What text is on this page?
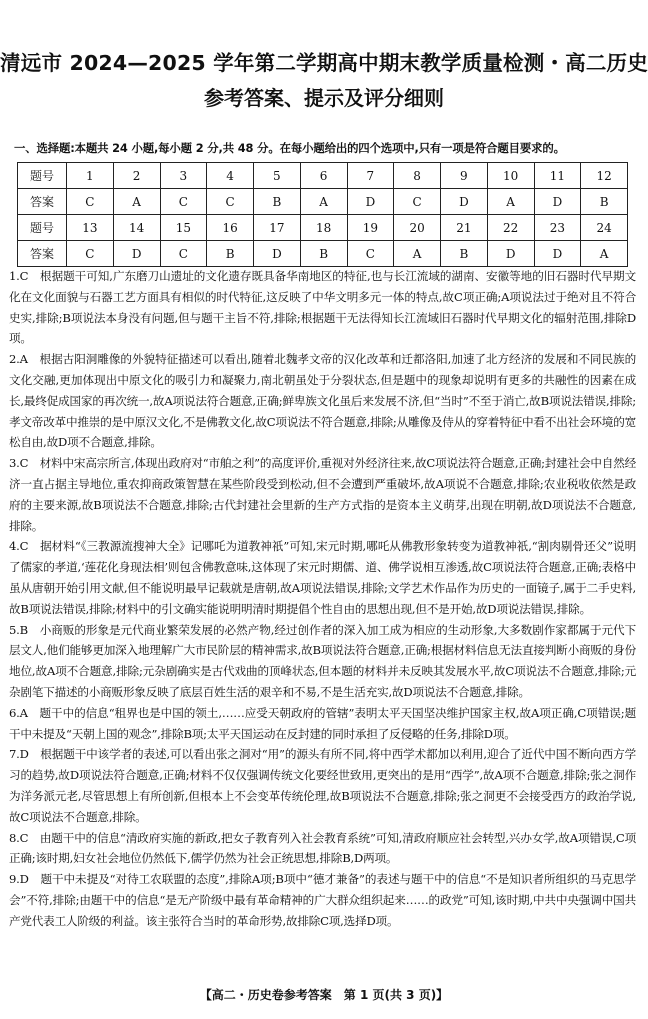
清远市 2024—2025 学年第二学期高中期末教学质量检测・高二历史
参考答案、提示及评分细则
一、选择题:本题共 24 小题,每小题 2 分,共 48 分。在每小题给出的四个选项中,只有一项是符合题目要求的。
题号	1	2	3	4	5	6	7	8	9	10	11	12
答案	C	A	C	C	B	A	D	C	D	A	D	B
题号	13	14	15	16	17	18	19	20	21	22	23	24
答案	C	D	C	B	D	B	C	A	B	D	D	A

1.C　根据题干可知,广东磨刀山遗址的文化遗存既具备华南地区的特征,也与长江流域的湖南、安徽等地的旧石器时代早期文化在文化面貌与石器工艺方面具有相似的时代特征,这反映了中华文明多元一体的特点,故C项正确;A项说法过于绝对且不符合史实,排除;B项说法本身没有问题,但与题干主旨不符,排除;根据题干无法得知长江流域旧石器时代早期文化的辐射范围,排除D项。

2.A　根据古阳洞雕像的外貌特征描述可以看出,随着北魏孝文帝的汉化改革和迁都洛阳,加速了北方经济的发展和不同民族的文化交融,更加体现出中原文化的吸引力和凝聚力,南北朝虽处于分裂状态,但是题中的现象却说明有更多的共融性的因素在成长,最终促成国家的再次统一,故A项说法符合题意,正确;鲜卑族文化虽后来发展不济,但“当时”不至于消亡,故B项说法错误,排除;孝文帝改革中推崇的是中原汉文化,不是佛教文化,故C项说法不符合题意,排除;从雕像及侍从的穿着特征中看不出社会环境的宽松自由,故D项不合题意,排除。

3.C　材料中宋高宗所言,体现出政府对“市舶之利”的高度评价,重视对外经济往来,故C项说法符合题意,正确;封建社会中自然经济一直占据主导地位,重农抑商政策智慧在某些阶段受到松动,但不会遭到严重破坏,故A项说不合题意,排除;农业税收依然是政府的主要来源,故B项说法不合题意,排除;古代封建社会里新的生产方式指的是资本主义萌芽,出现在明朝,故D项说法不合题意,排除。

4.C　据材料“《三教源流搜神大全》记哪吒为道教神祇”可知,宋元时期,哪吒从佛教形象转变为道教神祇,“割肉剔骨还父”说明了儒家的孝道,‘莲花化身现法相’则包含佛教意味,这体现了宋元时期儒、道、佛学说相互渗透,故C项说法符合题意,正确;表格中虽从唐朝开始引用文献,但不能说明最早记载就是唐朝,故A项说法错误,排除;文学艺术作品作为历史的一面镜子,属于二手史料,故B项说法错误,排除;材料中的引文确实能说明明清时期提倡个性自由的思想出现,但不是开始,故D项说法错误,排除。

5.B　小商贩的形象是元代商业繁荣发展的必然产物,经过创作者的深入加工成为相应的生动形象,大多数剧作家都属于元代下层文人,他们能够更加深入地理解广大市民阶层的精神需求,故B项说法符合题意,正确;根据材料信息无法直接判断小商贩的身份地位,故A项不合题意,排除;元杂剧确实是古代戏曲的顶峰状态,但本题的材料并未反映其发展水平,故C项说法不合题意,排除;元杂剧笔下描述的小商贩形象反映了底层百姓生活的艰辛和不易,不是生活充实,故D项说法不合题意,排除。

6.A　题干中的信息“租界也是中国的领土,……应受天朝政府的管辖”表明太平天国坚决维护国家主权,故A项正确,C项错误;题干中未提及“天朝上国的观念”,排除B项;太平天国运动在反封建的同时承担了反侵略的任务,排除D项。

7.D　根据题干中该学者的表述,可以看出张之洞对“用”的源头有所不同,将中西学术都加以利用,迎合了近代中国不断向西方学习的趋势,故D项说法符合题意,正确;材料不仅仅强调传统文化要经世致用,更突出的是用“西学”,故A项不合题意,排除;张之洞作为洋务派元老,尽管思想上有所创新,但根本上不会变革传统伦理,故B项说法不合题意,排除;张之洞更不会接受西方的政治学说,故C项说法不合题意,排除。

8.C　由题干中的信息“清政府实施的新政,把女子教育列入社会教育系统”可知,清政府顺应社会转型,兴办女学,故A项错误,C项正确;该时期,妇女社会地位仍然低下,儒学仍然为社会正统思想,排除B,D两项。

9.D　题干中未提及“对待工农联盟的态度”,排除A项;B项中“德才兼备”的表述与题干中的信息“不是知识者所组织的马克思学会”不符,排除;由题干中的信息“是无产阶级中最有革命精神的广大群众组织起来……的政党”可知,该时期,中共中央强调中国共产党代表工人阶级的利益。该主张符合当时的革命形势,故排除C项,选择D项。

【高二・历史卷参考答案　第 1 页(共 3 页)】
